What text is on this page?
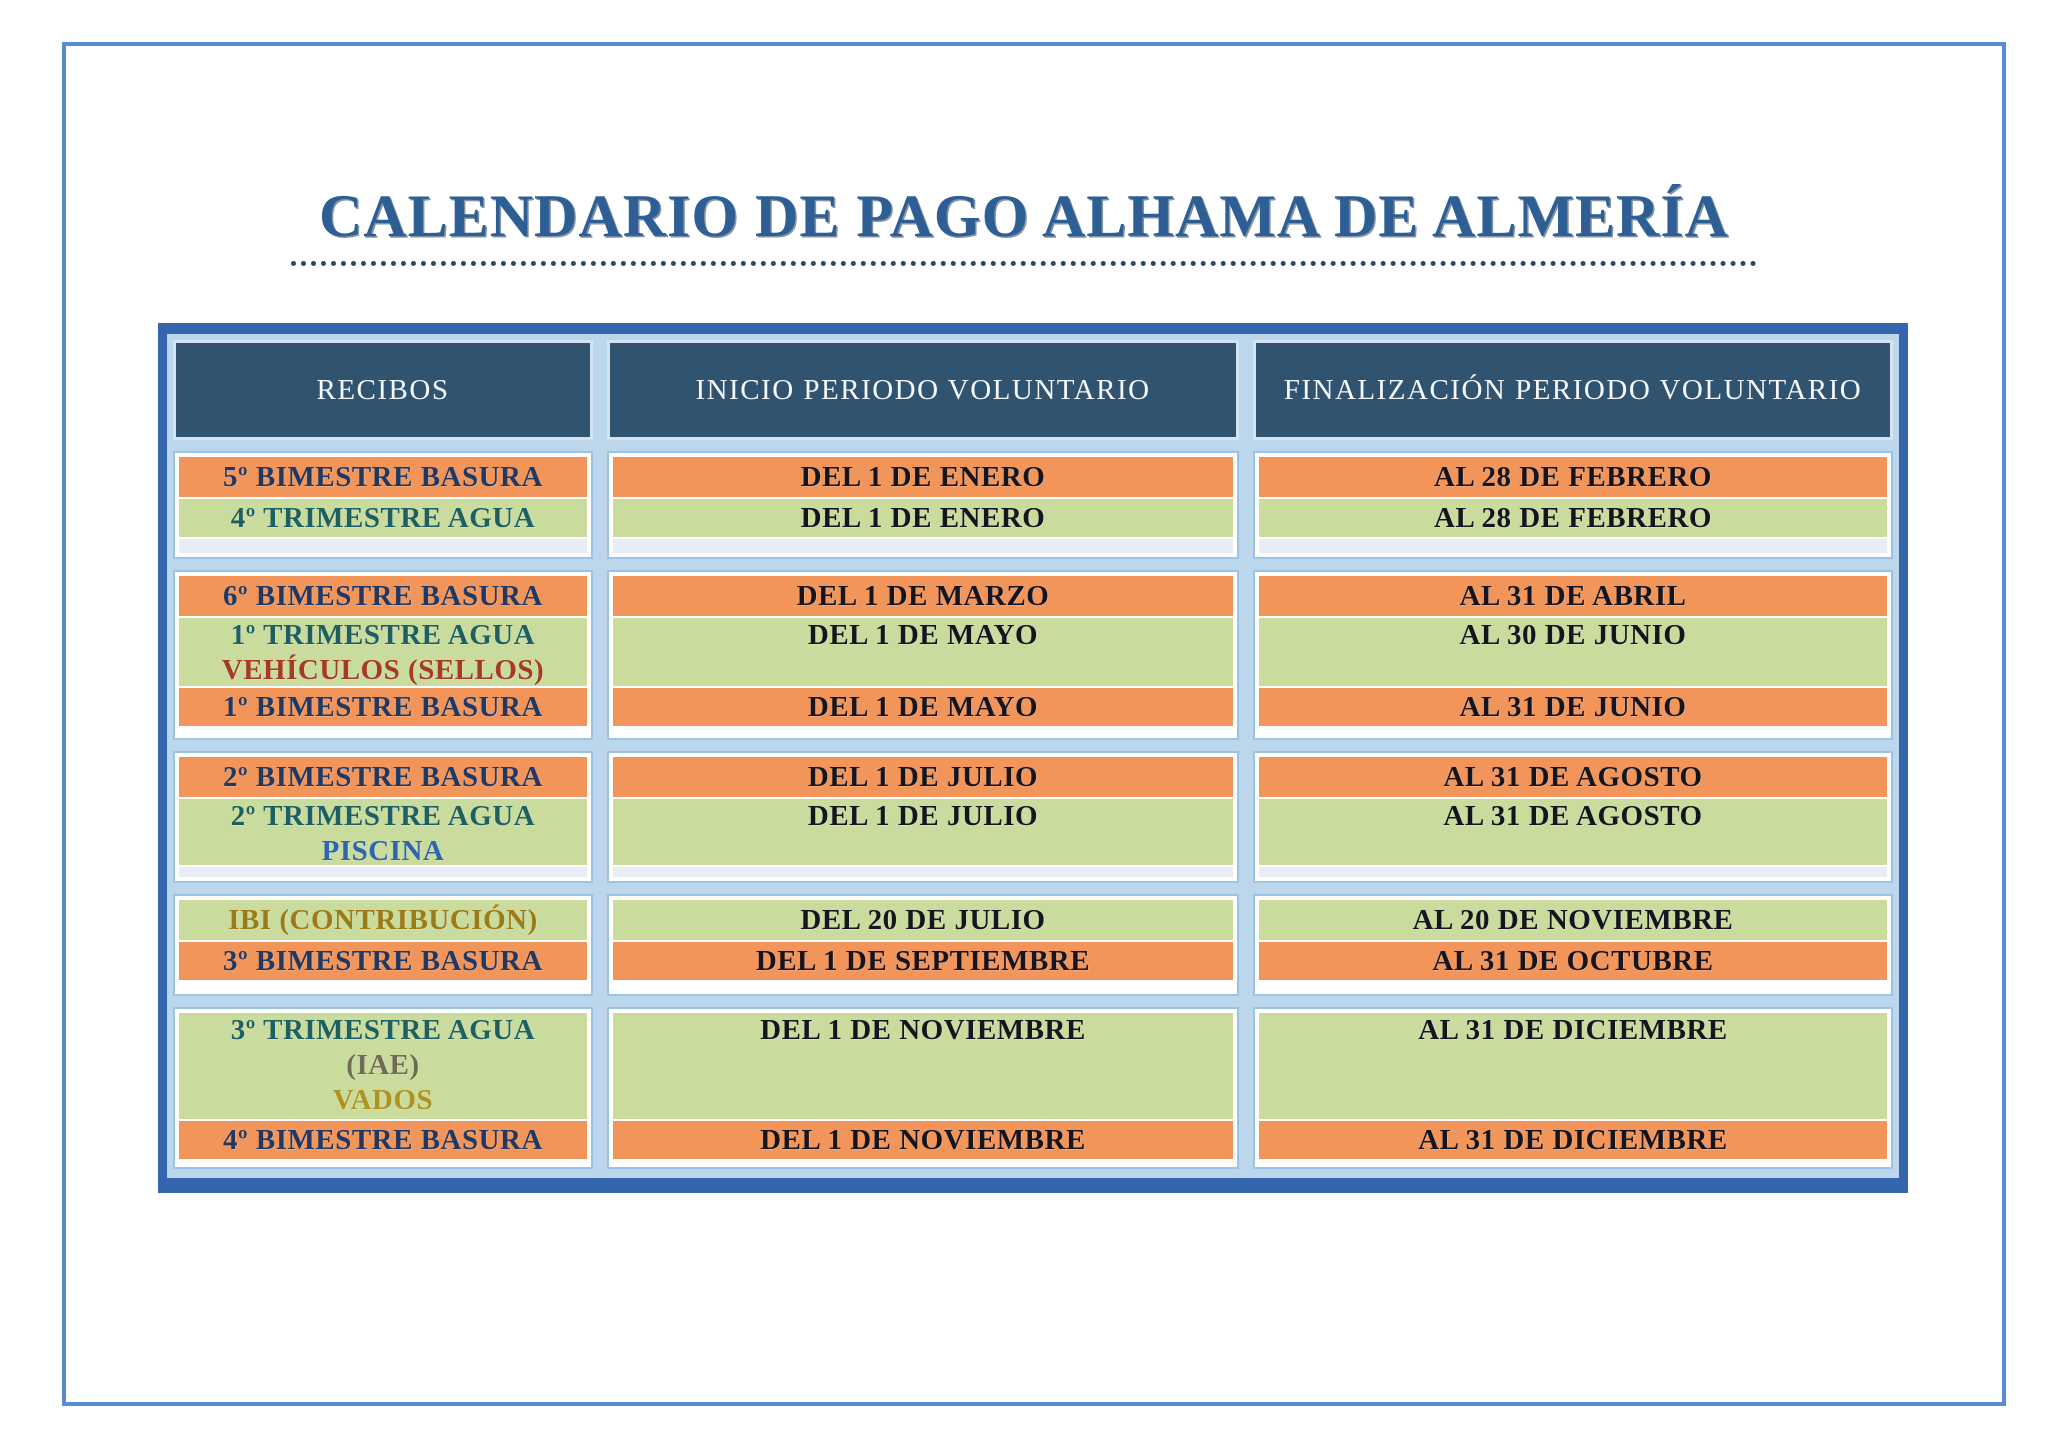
CALENDARIO DE PAGO ALHAMA DE ALMERÍA
RECIBOS	INICIO PERIODO VOLUNTARIO	FINALIZACIÓN PERIODO VOLUNTARIO
5º BIMESTRE BASURA
4º TRIMESTRE AGUA
DEL 1 DE ENERO
DEL 1 DE ENERO
AL 28 DE FEBRERO
AL 28 DE FEBRERO
6º BIMESTRE BASURA
1º TRIMESTRE AGUA
VEHÍCULOS (SELLOS)
1º BIMESTRE BASURA
DEL 1 DE MARZO
DEL 1 DE MAYO
DEL 1 DE MAYO
AL 31 DE ABRIL
AL 30 DE JUNIO
AL 31 DE JUNIO
2º BIMESTRE BASURA
2º TRIMESTRE AGUA
PISCINA
DEL 1 DE JULIO
DEL 1 DE JULIO
AL 31 DE AGOSTO
AL 31 DE AGOSTO
IBI (CONTRIBUCIÓN)
3º BIMESTRE BASURA
DEL 20 DE JULIO
DEL 1 DE SEPTIEMBRE
AL 20 DE NOVIEMBRE
AL 31 DE OCTUBRE
3º TRIMESTRE AGUA
(IAE)
VADOS
4º BIMESTRE BASURA
DEL 1 DE NOVIEMBRE
DEL 1 DE NOVIEMBRE
AL 31 DE DICIEMBRE
AL 31 DE DICIEMBRE
